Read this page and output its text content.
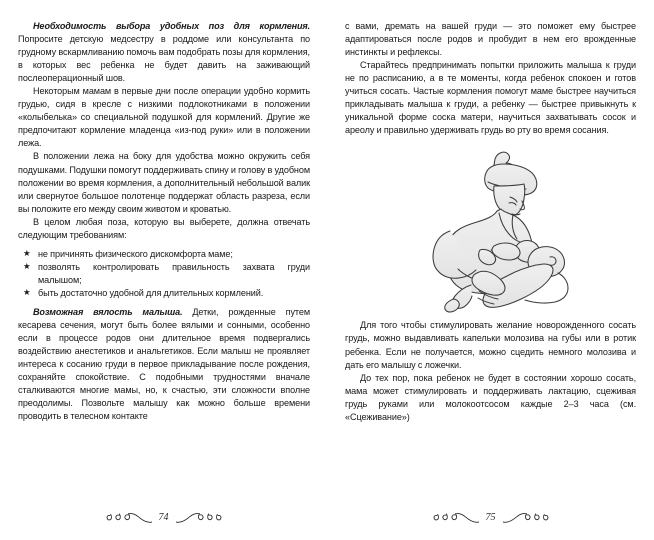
Необходимость выбора удобных поз для кормления. Попросите детскую медсестру в роддоме или консультанта по грудному вскармливанию помочь вам подобрать позы для кормления, в которых вес ребенка не будет давить на заживающий послеоперационный шов.

Некоторым мамам в первые дни после операции удобно кормить грудью, сидя в кресле с низкими подлокотниками в положении «колыбелька» со специальной подушкой для кормлений. Другие же предпочитают кормление младенца «из-под руки» или в положении лежа.

В положении лежа на боку для удобства можно окружить себя подушками. Подушки помогут поддерживать спину и голову в удобном положении во время кормления, а дополнительный небольшой валик или свернутое большое полотенце поддержат область разреза, если вы положите его между своим животом и кроватью.

В целом любая поза, которую вы выберете, должна отвечать следующим требованиям:

★ не причинять физического дискомфорта маме;
★ позволять контролировать правильность захвата груди малышом;
★ быть достаточно удобной для длительных кормлений.

Возможная вялость малыша. Детки, рожденные путем кесарева сечения, могут быть более вялыми и сонными, особенно если в процессе родов они длительное время подвергались воздействию анестетиков и анальгетиков. Если малыш не проявляет интереса к сосанию груди в первое прикладывание после рождения, сохраняйте спокойствие. С подобными трудностями вначале сталкиваются многие мамы, но, к счастью, эти сложности вполне преодолимы. Позвольте малышу как можно больше времени проводить в телесном контакте

74

с вами, дремать на вашей груди — это поможет ему быстрее адаптироваться после родов и пробудит в нем его врожденные инстинкты и рефлексы.

Старайтесь предпринимать попытки приложить малыша к груди не по расписанию, а в те моменты, когда ребенок спокоен и готов учиться сосать. Частые кормления помогут маме быстрее научиться прикладывать малыша к груди, а ребенку — быстрее привыкнуть к уникальной форме соска матери, научиться захватывать сосок и ареолу и правильно удерживать грудь во рту во время сосания.

Для того чтобы стимулировать желание новорожденного сосать грудь, можно выдавливать капельки молозива на губы или в ротик ребенка. Если не получается, можно сцедить немного молозива и дать его малышу с ложечки.

До тех пор, пока ребенок не будет в состоянии хорошо сосать, мама может стимулировать и поддерживать лактацию, сцеживая грудь руками или молокоотсосом каждые 2–3 часа (см. «Сцеживание»)

75
